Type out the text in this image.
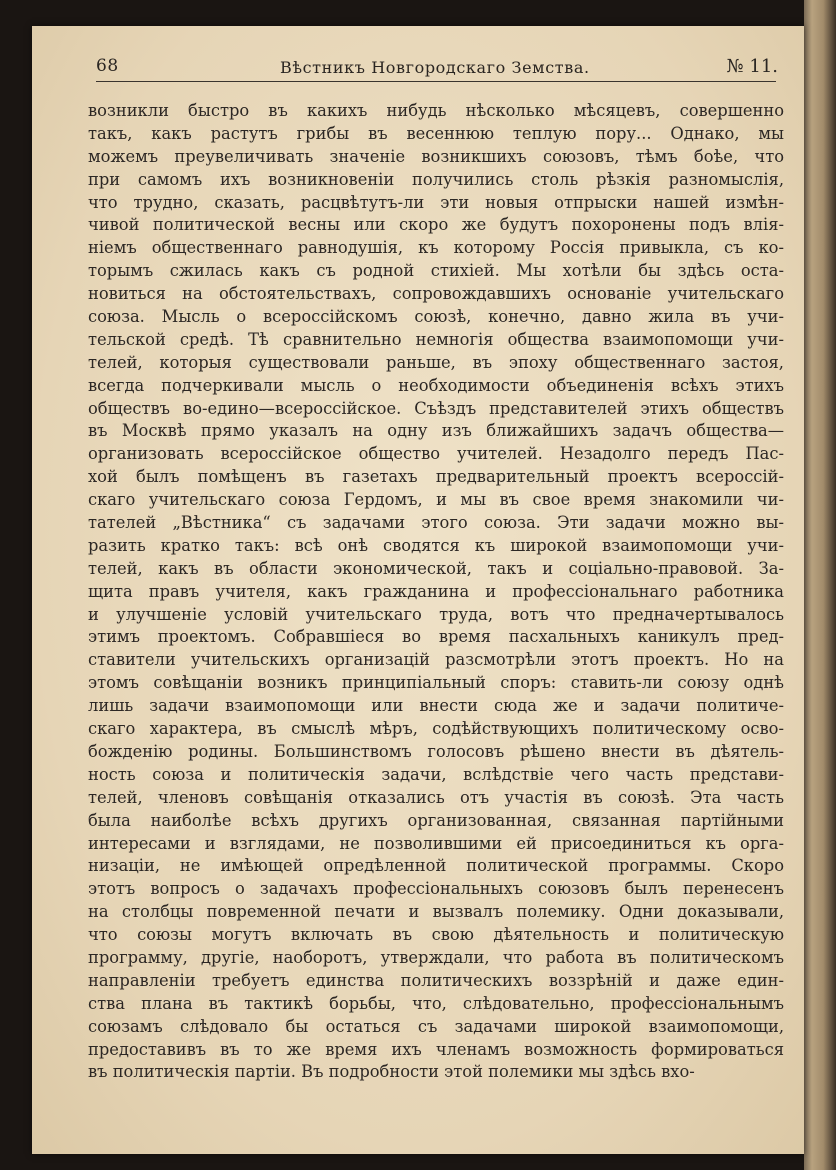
68	Вѣстникъ Новгородскаго Земства.	№ 11.
возникли быстро въ какихъ нибудь нѣсколько мѣсяцевъ, совершенно
такъ, какъ растутъ грибы въ весеннюю теплую пору... Однако, мы
можемъ преувеличивать значенiе возникшихъ союзовъ, тѣмъ боѣе, что
при самомъ ихъ возникновенiи получились столь рѣзкiя разномыслiя,
что трудно, сказать, расцвѣтутъ-ли эти новыя отпрыски нашей измѣн-
чивой политической весны или скоро же будутъ похоронены подъ влiя-
нiемъ общественнаго равнодушiя, къ которому Россiя привыкла, съ ко-
торымъ сжилась какъ съ родной стихiей. Мы хотѣли бы здѣсь оста-
новиться на обстоятельствахъ, сопровождавшихъ основанiе учительскаго
союза. Мысль о всероссiйскомъ союзѣ, конечно, давно жила въ учи-
тельской средѣ. Тѣ сравнительно немногiя общества взаимопомощи учи-
телей, которыя существовали раньше, въ эпоху общественнаго застоя,
всегда подчеркивали мысль о необходимости объединенiя всѣхъ этихъ
обществъ во-едино—всероссiйское. Съѣздъ представителей этихъ обществъ
въ Москвѣ прямо указалъ на одну изъ ближайшихъ задачъ общества—
организовать всероссiйское общество учителей. Незадолго передъ Пас-
хой былъ помѣщенъ въ газетахъ предварительный проектъ всероссiй-
скаго учительскаго союза Гердомъ, и мы въ свое время знакомили чи-
тателей „Вѣстника“ съ задачами этого союза. Эти задачи можно вы-
разить кратко такъ: всѣ онѣ сводятся къ широкой взаимопомощи учи-
телей, какъ въ области экономической, такъ и соцiально-правовой. За-
щита правъ учителя, какъ гражданина и профессiональнаго работника
и улучшенiе условiй учительскаго труда, вотъ что предначертывалось
этимъ проектомъ. Собравшiеся во время пасхальныхъ каникулъ пред-
ставители учительскихъ организацiй разсмотрѣли этотъ проектъ. Но на
этомъ совѣщанiи возникъ принципiальный споръ: ставить-ли союзу однѣ
лишь задачи взаимопомощи или внести сюда же и задачи политиче-
скаго характера, въ смыслѣ мѣръ, содѣйствующихъ политическому осво-
божденiю родины. Большинствомъ голосовъ рѣшено внести въ дѣятель-
ность союза и политическiя задачи, вслѣдствiе чего часть представи-
телей, членовъ совѣщанiя отказались отъ участiя въ союзѣ. Эта часть
была наиболѣе всѣхъ другихъ организованная, связанная партiйными
интересами и взглядами, не позволившими ей присоединиться къ орга-
низацiи, не имѣющей опредѣленной политической программы. Скоро
этотъ вопросъ о задачахъ профессiональныхъ союзовъ былъ перенесенъ
на столбцы повременной печати и вызвалъ полемику. Одни доказывали,
что союзы могутъ включать въ свою дѣятельность и политическую
программу, другiе, наоборотъ, утверждали, что работа въ политическомъ
направленiи требуетъ единства политическихъ воззрѣнiй и даже един-
ства плана въ тактикѣ борьбы, что, слѣдовательно, профессiональнымъ
союзамъ слѣдовало бы остаться съ задачами широкой взаимопомощи,
предоставивъ въ то же время ихъ членамъ возможность формироваться
въ политическiя партiи. Въ подробности этой полемики мы здѣсь вхо-
